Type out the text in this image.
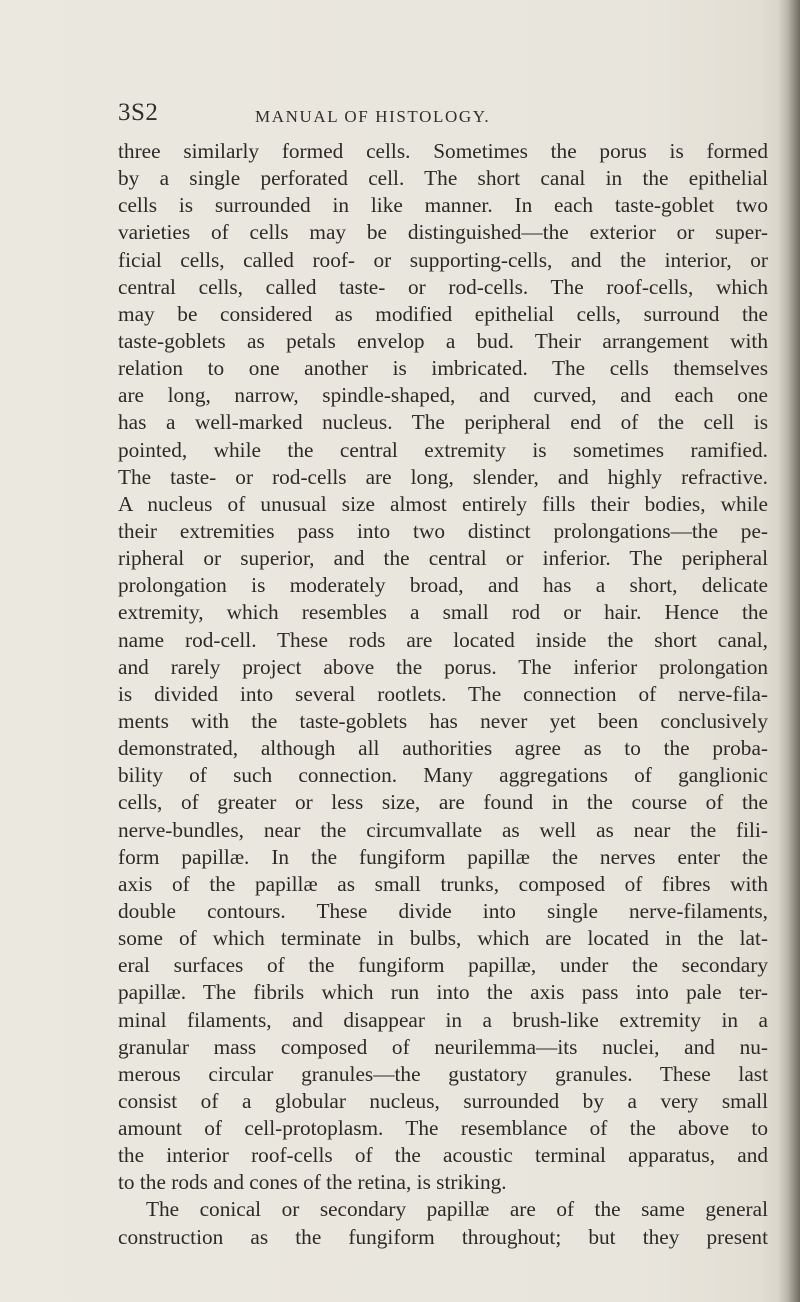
3S2	MANUAL OF HISTOLOGY.
three similarly formed cells. Sometimes the porus is formed
by a single perforated cell. The short canal in the epithelial
cells is surrounded in like manner. In each taste-goblet two
varieties of cells may be distinguished—the exterior or super-
ficial cells, called roof- or supporting-cells, and the interior, or
central cells, called taste- or rod-cells. The roof-cells, which
may be considered as modified epithelial cells, surround the
taste-goblets as petals envelop a bud. Their arrangement with
relation to one another is imbricated. The cells themselves
are long, narrow, spindle-shaped, and curved, and each one
has a well-marked nucleus. The peripheral end of the cell is
pointed, while the central extremity is sometimes ramified.
The taste- or rod-cells are long, slender, and highly refractive.
A nucleus of unusual size almost entirely fills their bodies, while
their extremities pass into two distinct prolongations—the pe-
ripheral or superior, and the central or inferior. The peripheral
prolongation is moderately broad, and has a short, delicate
extremity, which resembles a small rod or hair. Hence the
name rod-cell. These rods are located inside the short canal,
and rarely project above the porus. The inferior prolongation
is divided into several rootlets. The connection of nerve-fila-
ments with the taste-goblets has never yet been conclusively
demonstrated, although all authorities agree as to the proba-
bility of such connection. Many aggregations of ganglionic
cells, of greater or less size, are found in the course of the
nerve-bundles, near the circumvallate as well as near the fili-
form papillæ. In the fungiform papillæ the nerves enter the
axis of the papillæ as small trunks, composed of fibres with
double contours. These divide into single nerve-filaments,
some of which terminate in bulbs, which are located in the lat-
eral surfaces of the fungiform papillæ, under the secondary
papillæ. The fibrils which run into the axis pass into pale ter-
minal filaments, and disappear in a brush-like extremity in a
granular mass composed of neurilemma—its nuclei, and nu-
merous circular granules—the gustatory granules. These last
consist of a globular nucleus, surrounded by a very small
amount of cell-protoplasm. The resemblance of the above to
the interior roof-cells of the acoustic terminal apparatus, and
to the rods and cones of the retina, is striking.
The conical or secondary papillæ are of the same general
construction as the fungiform throughout; but they present
